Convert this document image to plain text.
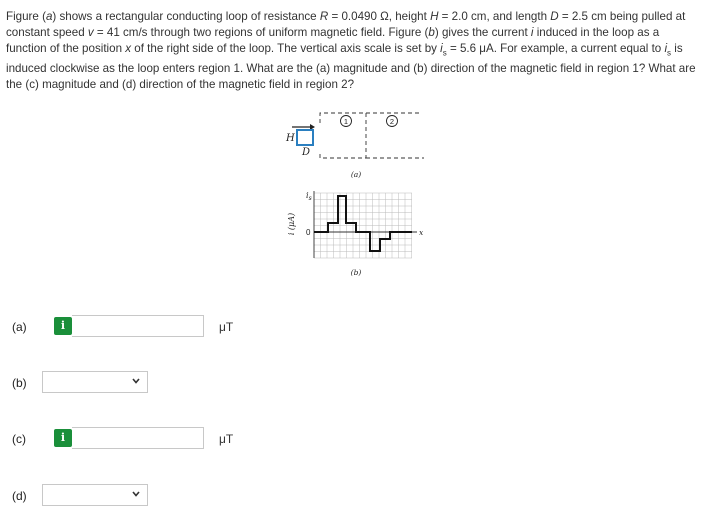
Figure (a) shows a rectangular conducting loop of resistance R = 0.0490 Ω, height H = 2.0 cm, and length D = 2.5 cm being pulled at
constant speed v = 41 cm/s through two regions of uniform magnetic field. Figure (b) gives the current i induced in the loop as a
function of the position x of the right side of the loop. The vertical axis scale is set by $i_s = 5.6$ μA. For example, a current equal to $i_s$ is
induced clockwise as the loop enters region 1. What are the (a) magnitude and (b) direction of the magnetic field in region 1? What are
the (c) magnitude and (d) direction of the magnetic field in region 2?
H
D
1	2
(a)
x
$i_s$
0
i (μA)
(b)
(a)	i	μT
(b)
(c)	i	μT
(d)
